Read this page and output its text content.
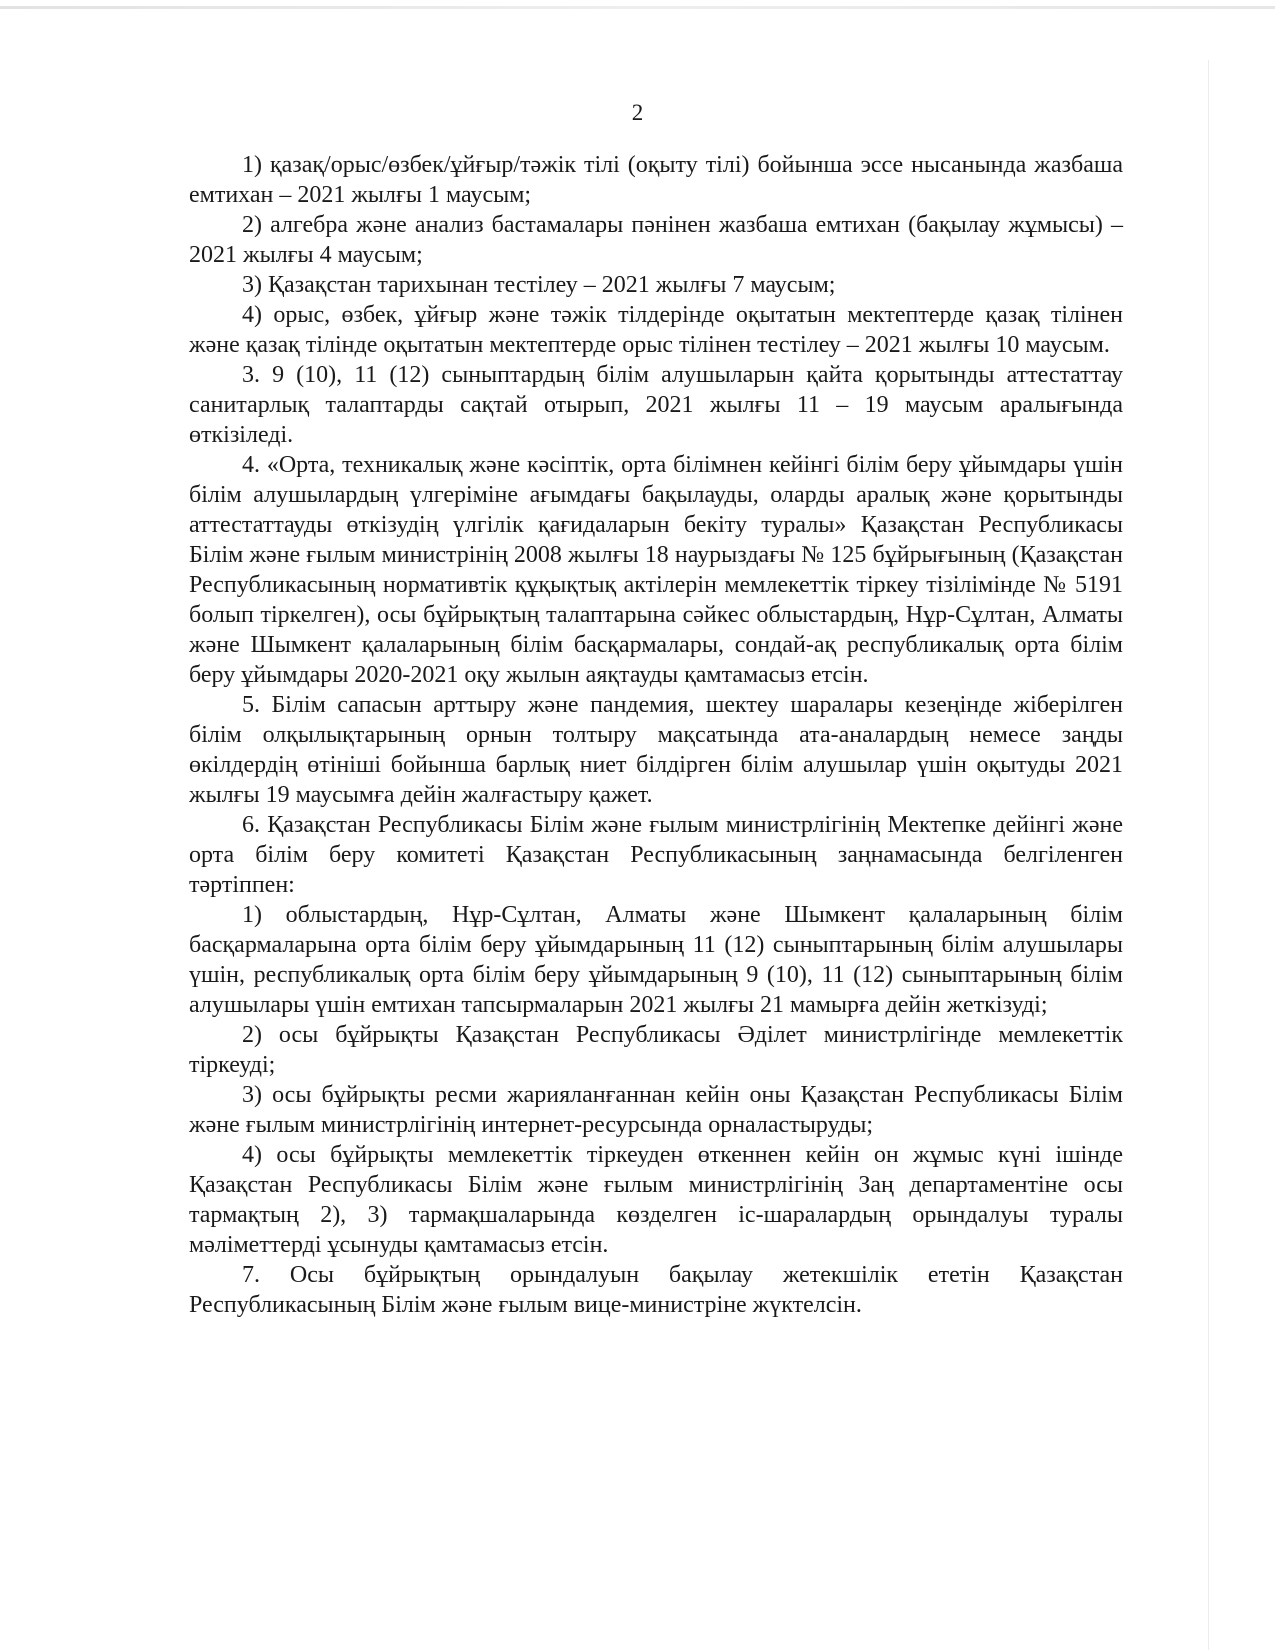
2

1) қазақ/орыс/өзбек/ұйғыр/тәжік тілі (оқыту тілі) бойынша эссе нысанында жазбаша емтихан – 2021 жылғы 1 маусым;

2) алгебра және анализ бастамалары пәнінен жазбаша емтихан (бақылау жұмысы) – 2021 жылғы 4 маусым;

3) Қазақстан тарихынан тестілеу – 2021 жылғы 7 маусым;

4) орыс, өзбек, ұйғыр және тәжік тілдерінде оқытатын мектептерде қазақ тілінен және қазақ тілінде оқытатын мектептерде орыс тілінен тестілеу – 2021 жылғы 10 маусым.

3. 9 (10), 11 (12) сыныптардың білім алушыларын қайта қорытынды аттестаттау санитарлық талаптарды сақтай отырып, 2021 жылғы 11 – 19 маусым аралығында өткізіледі.

4. «Орта, техникалық және кәсіптік, орта білімнен кейінгі білім беру ұйымдары үшін білім алушылардың үлгеріміне ағымдағы бақылауды, оларды аралық және қорытынды аттестаттауды өткізудің үлгілік қағидаларын бекіту туралы» Қазақстан Республикасы Білім және ғылым министрінің 2008 жылғы 18 наурыздағы № 125 бұйрығының (Қазақстан Республикасының нормативтік құқықтық актілерін мемлекеттік тіркеу тізілімінде № 5191 болып тіркелген), осы бұйрықтың талаптарына сәйкес облыстардың, Нұр-Сұлтан, Алматы және Шымкент қалаларының білім басқармалары, сондай-ақ республикалық орта білім беру ұйымдары 2020-2021 оқу жылын аяқтауды қамтамасыз етсін.

5. Білім сапасын арттыру және пандемия, шектеу шаралары кезеңінде жіберілген білім олқылықтарының орнын толтыру мақсатында ата-аналардың немесе заңды өкілдердің өтініші бойынша барлық ниет білдірген білім алушылар үшін оқытуды 2021 жылғы 19 маусымға дейін жалғастыру қажет.

6. Қазақстан Республикасы Білім және ғылым министрлігінің Мектепке дейінгі және орта білім беру комитеті Қазақстан Республикасының заңнамасында белгіленген тәртіппен:

1) облыстардың, Нұр-Сұлтан, Алматы және Шымкент қалаларының білім басқармаларына орта білім беру ұйымдарының 11 (12) сыныптарының білім алушылары үшін, республикалық орта білім беру ұйымдарының 9 (10), 11 (12) сыныптарының білім алушылары үшін емтихан тапсырмаларын 2021 жылғы 21 мамырға дейін жеткізуді;

2) осы бұйрықты Қазақстан Республикасы Әділет министрлігінде мемлекеттік тіркеуді;

3) осы бұйрықты ресми жарияланғаннан кейін оны Қазақстан Республикасы Білім және ғылым министрлігінің интернет-ресурсында орналастыруды;

4) осы бұйрықты мемлекеттік тіркеуден өткеннен кейін он жұмыс күні ішінде Қазақстан Республикасы Білім және ғылым министрлігінің Заң департаментіне осы тармақтың 2), 3) тармақшаларында көзделген іс-шаралардың орындалуы туралы мәліметтерді ұсынуды қамтамасыз етсін.

7. Осы бұйрықтың орындалуын бақылау жетекшілік ететін Қазақстан Республикасының Білім және ғылым вице-министріне жүктелсін.
